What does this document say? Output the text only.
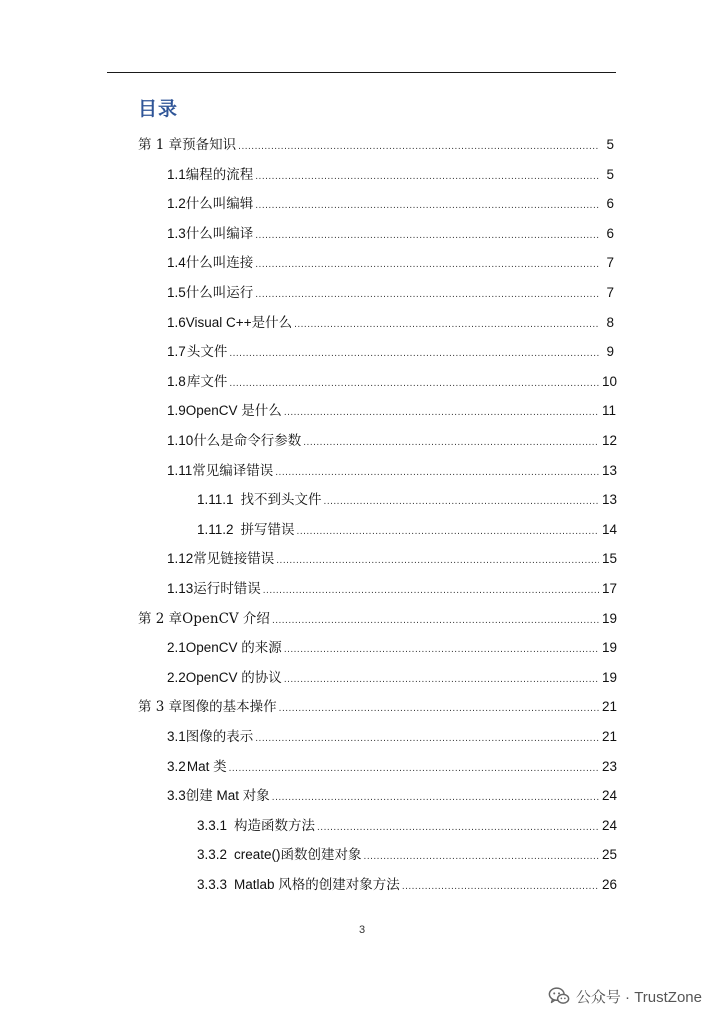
目录
第 1 章 预备知识 .....	5
1.1 编程的流程 .....	5
1.2 什么叫编辑 .....	6
1.3 什么叫编译 .....	6
1.4 什么叫连接 .....	7
1.5 什么叫运行 .....	7
1.6 Visual C++是什么 .....	8
1.7 头文件 .....	9
1.8 库文件 .....	10
1.9 OpenCV 是什么 .....	11
1.10 什么是命令行参数 .....	12
1.11 常见编译错误 .....	13
1.11.1 找不到头文件 .....	13
1.11.2 拼写错误 .....	14
1.12 常见链接错误 .....	15
1.13 运行时错误 .....	17
第 2 章 OpenCV 介绍 .....	19
2.1 OpenCV 的来源 .....	19
2.2 OpenCV 的协议 .....	19
第 3 章 图像的基本操作 .....	21
3.1 图像的表示 .....	21
3.2 Mat 类 .....	23
3.3 创建 Mat 对象 .....	24
3.3.1 构造函数方法 .....	24
3.3.2 create()函数创建对象 .....	25
3.3.3 Matlab 风格的创建对象方法 .....	26
3
公众号 · TrustZone
